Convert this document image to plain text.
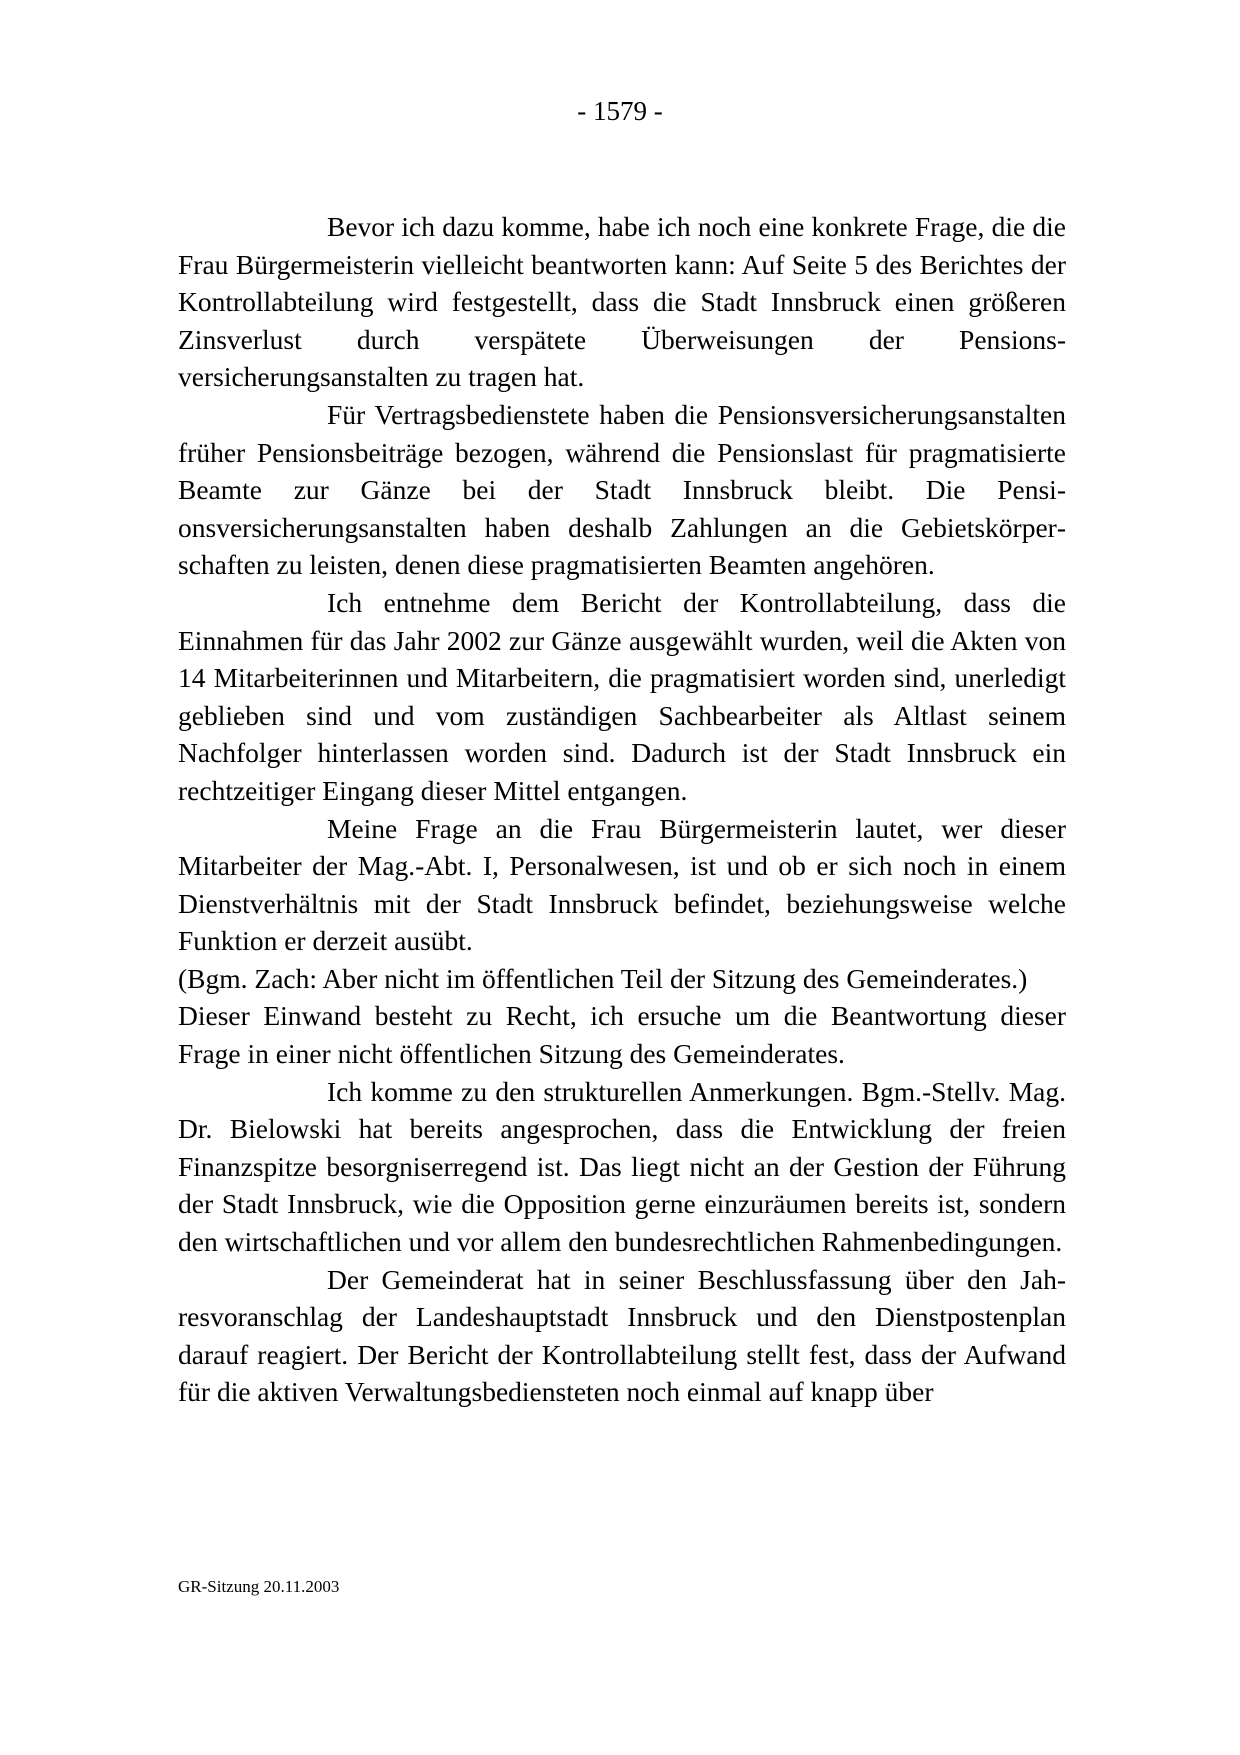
- 1579 -

Bevor ich dazu komme, habe ich noch eine konkrete Frage, die die Frau Bürgermeisterin vielleicht beantworten kann: Auf Seite 5 des Berichtes der Kontrollabteilung wird festgestellt, dass die Stadt Innsbruck einen größeren Zinsverlust durch verspätete Überweisungen der Pensionsversicherungsanstalten zu tragen hat.

Für Vertragsbedienstete haben die Pensionsversicherungsanstalten früher Pensionsbeiträge bezogen, während die Pensionslast für pragmatisierte Beamte zur Gänze bei der Stadt Innsbruck bleibt. Die Pensionsversicherungsanstalten haben deshalb Zahlungen an die Gebietskörperschaften zu leisten, denen diese pragmatisierten Beamten angehören.

Ich entnehme dem Bericht der Kontrollabteilung, dass die Einnahmen für das Jahr 2002 zur Gänze ausgewählt wurden, weil die Akten von 14 Mitarbeiterinnen und Mitarbeitern, die pragmatisiert worden sind, unerledigt geblieben sind und vom zuständigen Sachbearbeiter als Altlast seinem Nachfolger hinterlassen worden sind. Dadurch ist der Stadt Innsbruck ein rechtzeitiger Eingang dieser Mittel entgangen.

Meine Frage an die Frau Bürgermeisterin lautet, wer dieser Mitarbeiter der Mag.-Abt. I, Personalwesen, ist und ob er sich noch in einem Dienstverhältnis mit der Stadt Innsbruck befindet, beziehungsweise welche Funktion er derzeit ausübt.

(Bgm. Zach: Aber nicht im öffentlichen Teil der Sitzung des Gemeinderates.)

Dieser Einwand besteht zu Recht, ich ersuche um die Beantwortung dieser Frage in einer nicht öffentlichen Sitzung des Gemeinderates.

Ich komme zu den strukturellen Anmerkungen. Bgm.-Stellv. Mag. Dr. Bielowski hat bereits angesprochen, dass die Entwicklung der freien Finanzspitze besorgniserregend ist. Das liegt nicht an der Gestion der Führung der Stadt Innsbruck, wie die Opposition gerne einzuräumen bereits ist, sondern den wirtschaftlichen und vor allem den bundesrechtlichen Rahmenbedingungen.

Der Gemeinderat hat in seiner Beschlussfassung über den Jahresvoranschlag der Landeshauptstadt Innsbruck und den Dienstpostenplan darauf reagiert. Der Bericht der Kontrollabteilung stellt fest, dass der Aufwand für die aktiven Verwaltungsbediensteten noch einmal auf knapp über

GR-Sitzung 20.11.2003
